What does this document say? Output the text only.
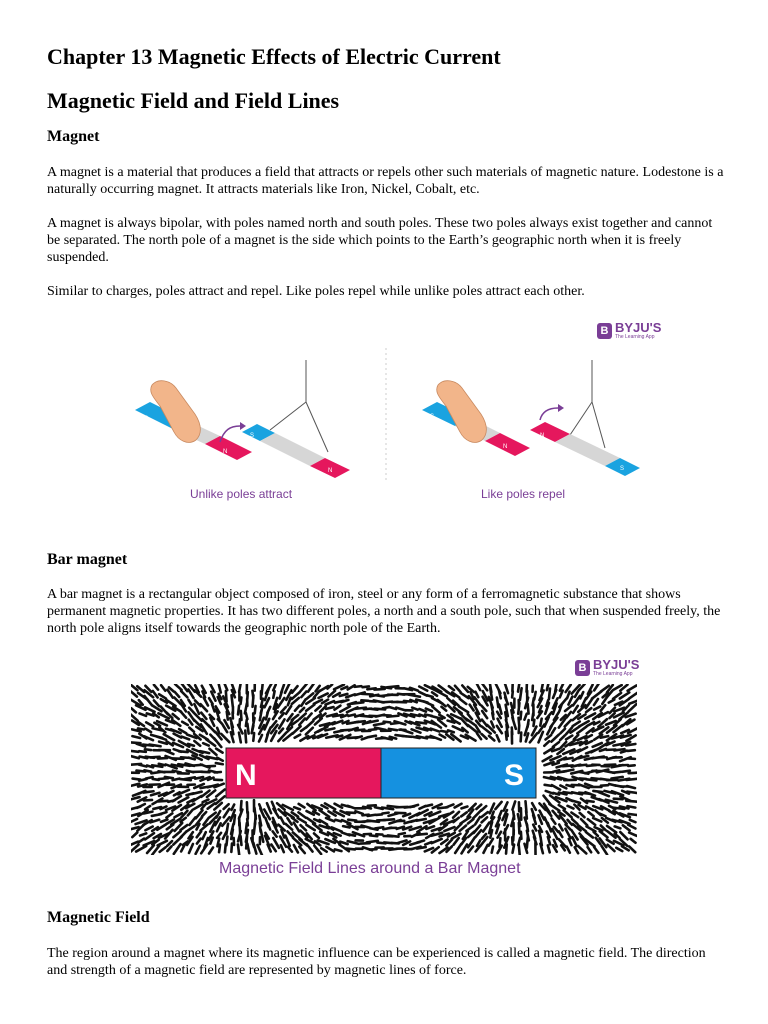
Chapter 13 Magnetic Effects of Electric Current
Magnetic Field and Field Lines
Magnet

A magnet is a material that produces a field that attracts or repels other such materials of magnetic nature. Lodestone is a naturally occurring magnet. It attracts materials like Iron, Nickel, Cobalt, etc.

A magnet is always bipolar, with poles named north and south poles. These two poles always exist together and cannot be separated. The north pole of a magnet is the side which points to the Earth’s geographic north when it is freely suspended.

Similar to charges, poles attract and repel. Like poles repel while unlike poles attract each other.

B BYJU'S
The Learning App
S
N
S
N
S
N
N
S
Unlike poles attract	Like poles repel
Bar magnet

A bar magnet is a rectangular object composed of iron, steel or any form of a ferromagnetic substance that shows permanent magnetic properties. It has two different poles, a north and a south pole, such that when suspended freely, the north pole aligns itself towards the geographic north pole of the Earth.

B BYJU'S
The Learning App
N	S
Magnetic Field Lines around a Bar Magnet
Magnetic Field

The region around a magnet where its magnetic influence can be experienced is called a magnetic field. The direction and strength of a magnetic field are represented by magnetic lines of force.
